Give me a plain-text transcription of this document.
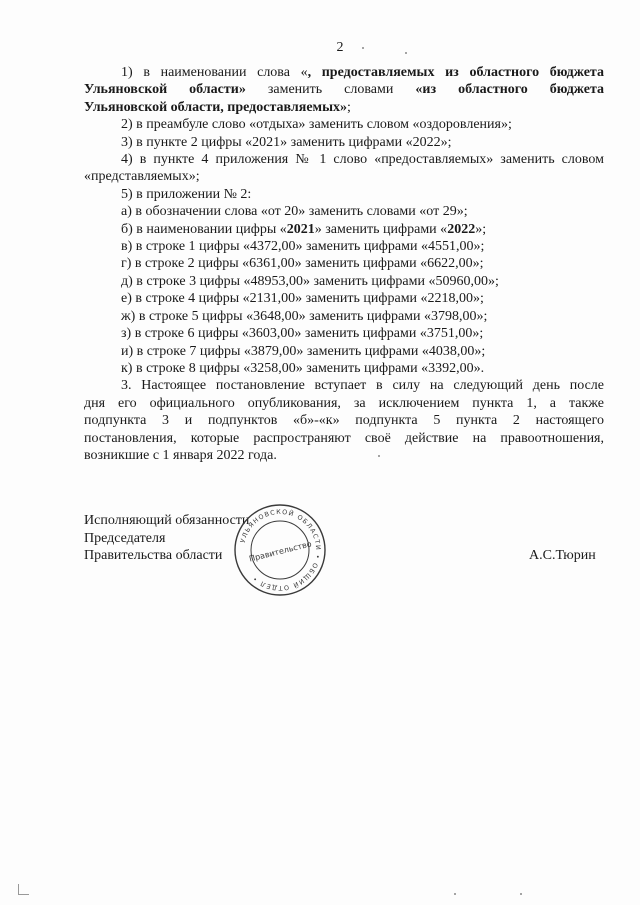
2

1) в наименовании слова «, предоставляемых из областного бюджета

Ульяновской области» заменить словами «из областного бюджета

Ульяновской области, предоставляемых»;

2) в преамбуле слово «отдыха» заменить словом «оздоровления»;

3) в пункте 2 цифры «2021» заменить цифрами «2022»;

4) в пункте 4 приложения № 1 слово «предоставляемых» заменить словом

«представляемых»;

5) в приложении № 2:

а) в обозначении слова «от 20» заменить словами «от 29»;

б) в наименовании цифры «2021» заменить цифрами «2022»;

в) в строке 1 цифры «4372,00» заменить цифрами «4551,00»;

г) в строке 2 цифры «6361,00» заменить цифрами «6622,00»;

д) в строке 3 цифры «48953,00» заменить цифрами «50960,00»;

е) в строке 4 цифры «2131,00» заменить цифрами «2218,00»;

ж) в строке 5 цифры «3648,00» заменить цифрами «3798,00»;

з) в строке 6 цифры «3603,00» заменить цифрами «3751,00»;

и) в строке 7 цифры «3879,00» заменить цифрами «4038,00»;

к) в строке 8 цифры «3258,00» заменить цифрами «3392,00».

3. Настоящее постановление вступает в силу на следующий день после

дня его официального опубликования, за исключением пункта 1, а также

подпункта 3 и подпунктов «б»-«к» подпункта 5 пункта 2 настоящего

постановления, которые распространяют своё действие на правоотношения,

возникшие с 1 января 2022 года.

Исполняющий обязанности
Председателя
Правительства области	А.С.Тюрин
УЛЬЯНОВСКОЙ ОБЛАСТИ • ОБЩИЙ ОТДЕЛ •
Правительство
